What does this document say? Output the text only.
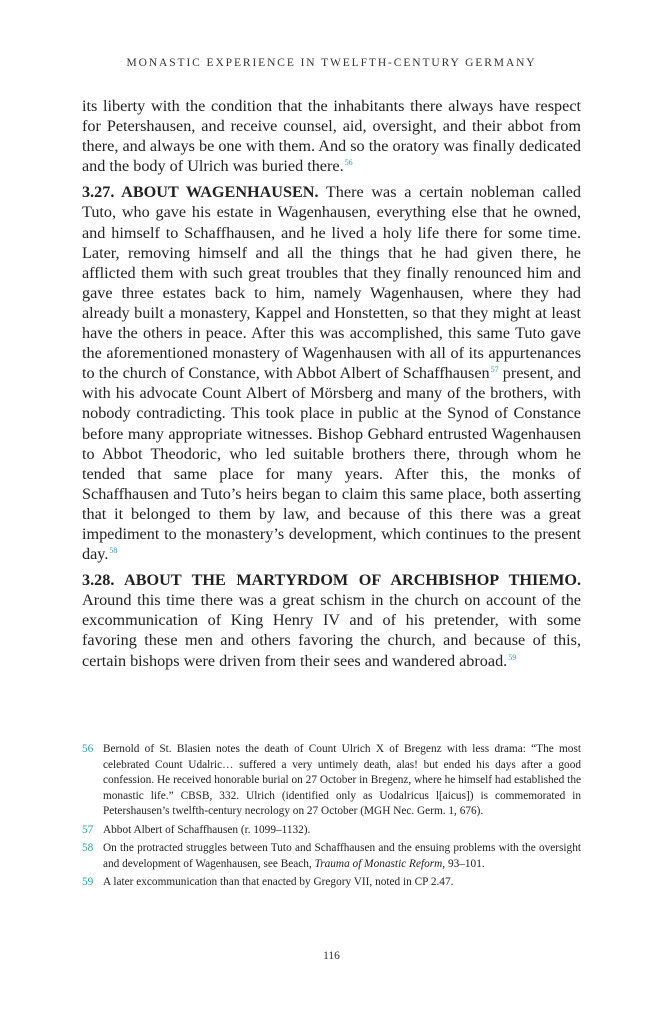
MONASTIC EXPERIENCE IN TWELFTH-CENTURY GERMANY

its liberty with the condition that the inhabitants there always have respect for Petershausen, and receive counsel, aid, oversight, and their abbot from there, and always be one with them. And so the oratory was finally dedicated and the body of Ulrich was buried there.$^{56}$

3.27. ABOUT WAGENHAUSEN. There was a certain nobleman called Tuto, who gave his estate in Wagenhausen, everything else that he owned, and himself to Schaffhausen, and he lived a holy life there for some time. Later, removing himself and all the things that he had given there, he afflicted them with such great troubles that they finally renounced him and gave three estates back to him, namely Wagenhausen, where they had already built a monastery, Kappel and Honstetten, so that they might at least have the others in peace. After this was accomplished, this same Tuto gave the aforementioned monastery of Wagenhausen with all of its appurtenances to the church of Constance, with Abbot Albert of Schaffhausen$^{57}$ present, and with his advocate Count Albert of Mörsberg and many of the brothers, with nobody contradicting. This took place in public at the Synod of Constance before many appropriate witnesses. Bishop Gebhard entrusted Wagenhausen to Abbot Theodoric, who led suitable brothers there, through whom he tended that same place for many years. After this, the monks of Schaffhausen and Tuto’s heirs began to claim this same place, both asserting that it belonged to them by law, and because of this there was a great impediment to the monastery’s development, which continues to the present day.$^{58}$

3.28. ABOUT THE MARTYRDOM OF ARCHBISHOP THIEMO. Around this time there was a great schism in the church on account of the excommunication of King Henry IV and of his pretender, with some favoring these men and others favoring the church, and because of this, certain bishops were driven from their sees and wandered abroad.$^{59}$

56 Bernold of St. Blasien notes the death of Count Ulrich X of Bregenz with less drama: “The most celebrated Count Udalric… suffered a very untimely death, alas! but ended his days after a good confession. He received honorable burial on 27 October in Bregenz, where he himself had established the monastic life.” CBSB, 332. Ulrich (identified only as Uodalricus l[aicus]) is commemorated in Petershausen’s twelfth-century necrology on 27 October (MGH Nec. Germ. 1, 676).
57 Abbot Albert of Schaffhausen (r. 1099–1132).
58 On the protracted struggles between Tuto and Schaffhausen and the ensuing problems with the oversight and development of Wagenhausen, see Beach, Trauma of Monastic Reform, 93–101.
59 A later excommunication than that enacted by Gregory VII, noted in CP 2.47.
116
